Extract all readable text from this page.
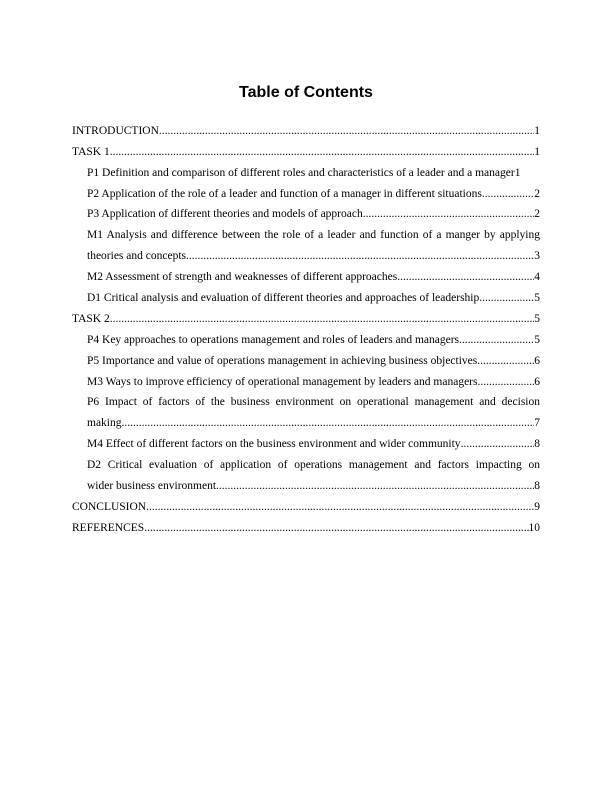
Table of Contents
INTRODUCTION .....	1
TASK 1 .....	1
P1 Definition and comparison of different roles and characteristics of a leader and a manager 1
P2 Application of the role of a leader and function of a manager in different situations .....	2
P3 Application of different theories and models of approach .....	2
M1 Analysis and difference between the role of a leader and function of a manger by applying
theories and concepts .....	3
M2 Assessment of strength and weaknesses of different approaches .....	4
D1 Critical analysis and evaluation of different theories and approaches of leadership .....	5
TASK 2 .....	5
P4 Key approaches to operations management and roles of leaders and managers .....	5
P5 Importance and value of operations management in achieving business objectives .....	6
M3 Ways to improve efficiency of operational management by leaders and managers .....	6
P6 Impact of factors of the business environment on operational management and decision
making .....	7
M4 Effect of different factors on the business environment and wider community .....	8
D2 Critical evaluation of application of operations management and factors impacting on
wider business environment .....	8
CONCLUSION .....	9
REFERENCES .....	10
